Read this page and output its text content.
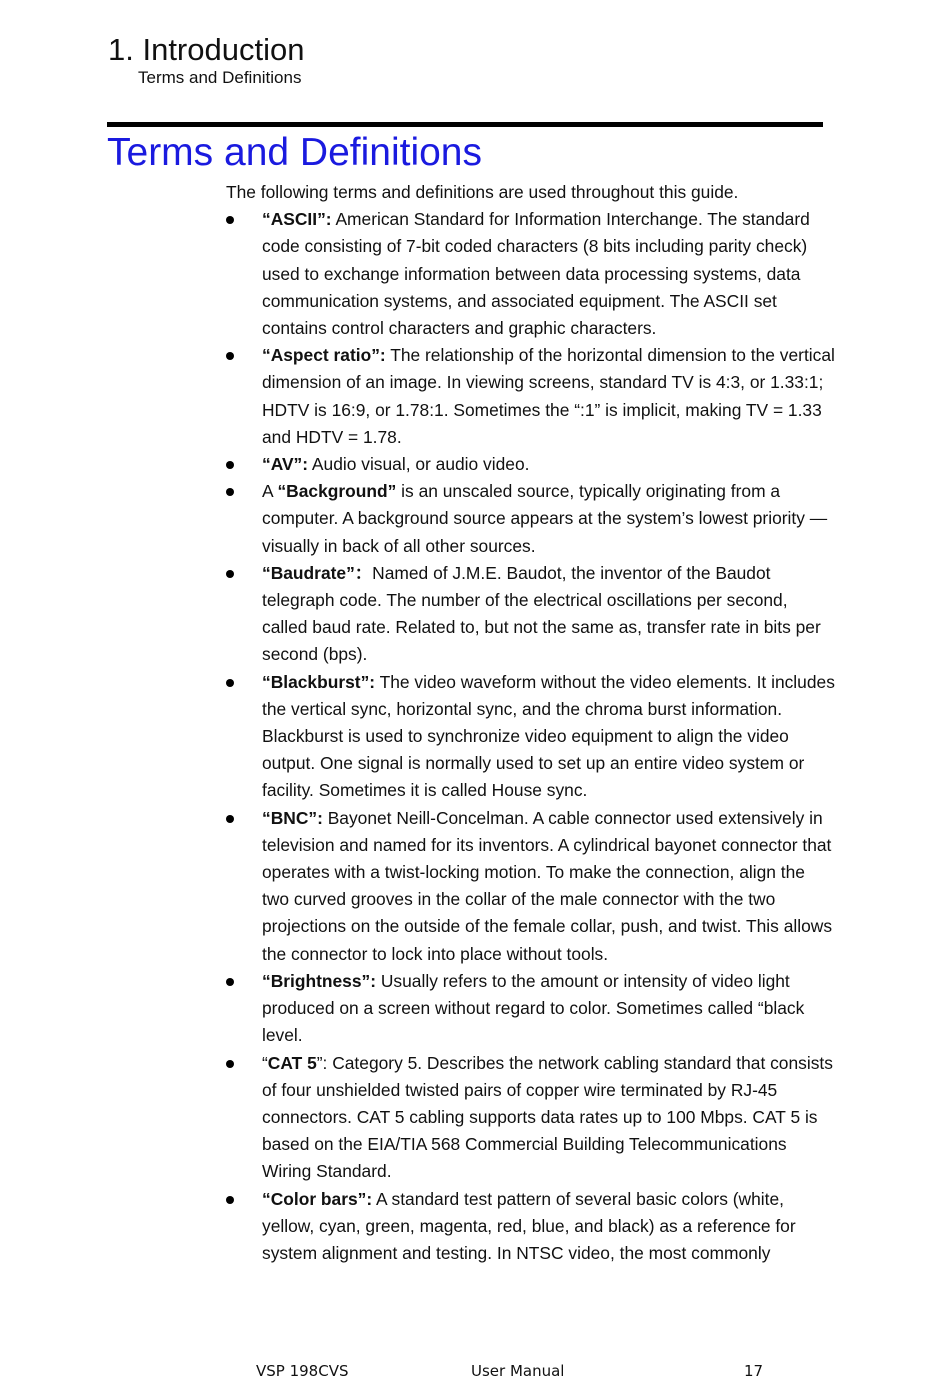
1. Introduction
Terms and Definitions
Terms and Definitions

The following terms and definitions are used throughout this guide.

“ASCII”: American Standard for Information Interchange. The standard code consisting of 7-bit coded characters (8 bits including parity check) used to exchange information between data processing systems, data communication systems, and associated equipment. The ASCII set contains control characters and graphic characters.
“Aspect ratio”: The relationship of the horizontal dimension to the vertical dimension of an image. In viewing screens, standard TV is 4:3, or 1.33:1; HDTV is 16:9, or 1.78:1. Sometimes the “:1” is implicit, making TV = 1.33 and HDTV = 1.78.
“AV”: Audio visual, or audio video.
A “Background” is an unscaled source, typically originating from a computer. A background source appears at the system’s lowest priority — visually in back of all other sources.
“Baudrate”：Named of J.M.E. Baudot, the inventor of the Baudot telegraph code. The number of the electrical oscillations per second, called baud rate. Related to, but not the same as, transfer rate in bits per second (bps).
“Blackburst”: The video waveform without the video elements. It includes the vertical sync, horizontal sync, and the chroma burst information. Blackburst is used to synchronize video equipment to align the video output. One signal is normally used to set up an entire video system or facility. Sometimes it is called House sync.
“BNC”: Bayonet Neill-Concelman. A cable connector used extensively in television and named for its inventors. A cylindrical bayonet connector that operates with a twist-locking motion. To make the connection, align the two curved grooves in the collar of the male connector with the two projections on the outside of the female collar, push, and twist. This allows the connector to lock into place without tools.
“Brightness”: Usually refers to the amount or intensity of video light produced on a screen without regard to color. Sometimes called “black level.
“CAT 5”: Category 5. Describes the network cabling standard that consists of four unshielded twisted pairs of copper wire terminated by RJ-45 connectors. CAT 5 cabling supports data rates up to 100 Mbps. CAT 5 is based on the EIA/TIA 568 Commercial Building Telecommunications Wiring Standard.
“Color bars”: A standard test pattern of several basic colors (white, yellow, cyan, green, magenta, red, blue, and black) as a reference for system alignment and testing. In NTSC video, the most commonly
VSP 198CVS	User Manual	17
